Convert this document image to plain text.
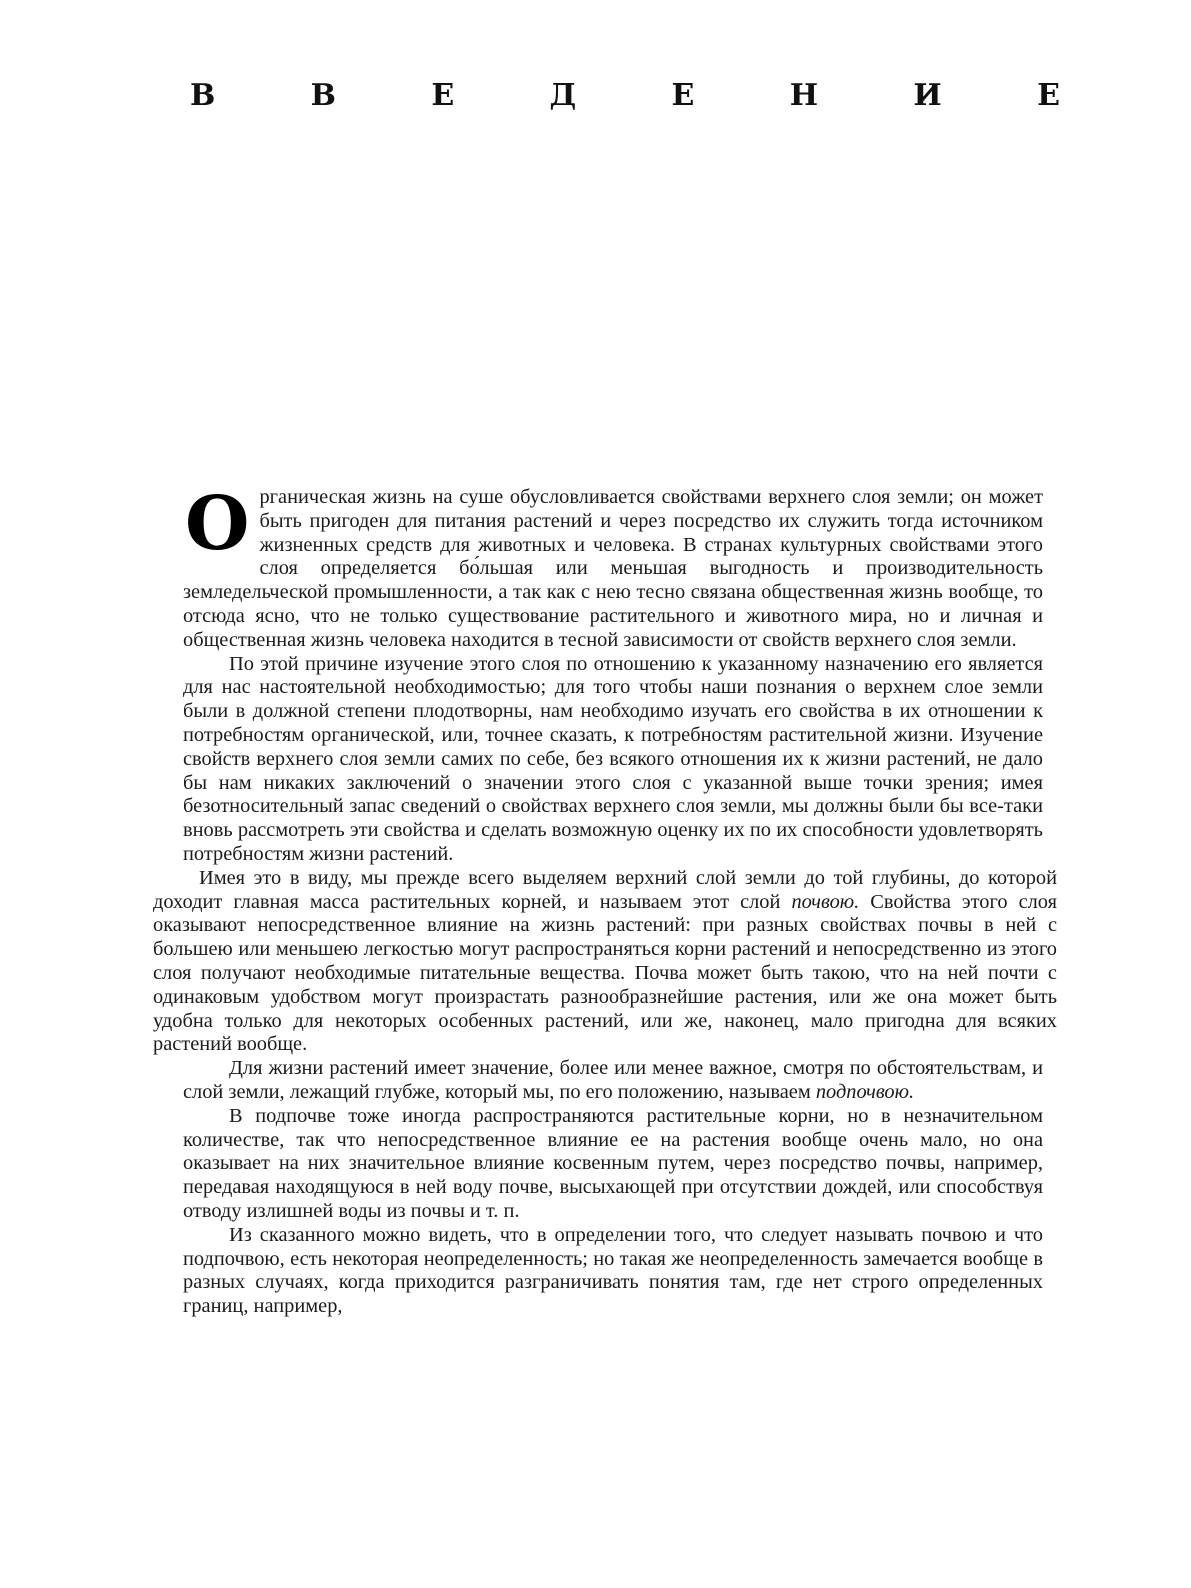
В	В	Е	Д	Е	Н	И	Е

Органическая жизнь на суше обусловливается свойствами верхнего слоя земли; он может быть пригоден для питания растений и через посредство их служить тогда источником жизненных средств для животных и человека. В странах культурных свойствами этого слоя определяется бо́льшая или меньшая выгодность и производительность земледельческой промышленности, а так как с нею тесно связана общественная жизнь вообще, то отсюда ясно, что не только существование растительного и животного мира, но и личная и общественная жизнь человека находится в тесной зависимости от свойств верхнего слоя земли.

По этой причине изучение этого слоя по отношению к указанному назначению его является для нас настоятельной необходимостью; для того чтобы наши познания о верхнем слое земли были в должной степени плодотворны, нам необходимо изучать его свойства в их отношении к потребностям органической, или, точнее сказать, к потребностям растительной жизни. Изучение свойств верхнего слоя земли самих по себе, без всякого отношения их к жизни растений, не дало бы нам никаких заключений о значении этого слоя с указанной выше точки зрения; имея безотносительный запас сведений о свойствах верхнего слоя земли, мы должны были бы все-таки вновь рассмотреть эти свойства и сделать возможную оценку их по их способности удовлетворять потребностям жизни растений.

Имея это в виду, мы прежде всего выделяем верхний слой земли до той глубины, до которой доходит главная масса растительных корней, и называем этот слой почвою. Свойства этого слоя оказывают непосредственное влияние на жизнь растений: при разных свойствах почвы в ней с большею или меньшею легкостью могут распространяться корни растений и непосредственно из этого слоя получают необходимые питательные вещества. Почва может быть такою, что на ней почти с одинаковым удобством могут произрастать разнообразнейшие растения, или же она может быть удобна только для некоторых особенных растений, или же, наконец, мало пригодна для всяких растений вообще.

Для жизни растений имеет значение, более или менее важное, смотря по обстоятельствам, и слой земли, лежащий глубже, который мы, по его положению, называем подпочвою.

В подпочве тоже иногда распространяются растительные корни, но в незначительном количестве, так что непосредственное влияние ее на растения вообще очень мало, но она оказывает на них значительное влияние косвенным путем, через посредство почвы, например, передавая находящуюся в ней воду почве, высыхающей при отсутствии дождей, или способствуя отводу излишней воды из почвы и т. п.

Из сказанного можно видеть, что в определении того, что следует называть почвою и что подпочвою, есть некоторая неопределенность; но такая же неопределенность замечается вообще в разных случаях, когда приходится разграничивать понятия там, где нет строго определенных границ, например,
